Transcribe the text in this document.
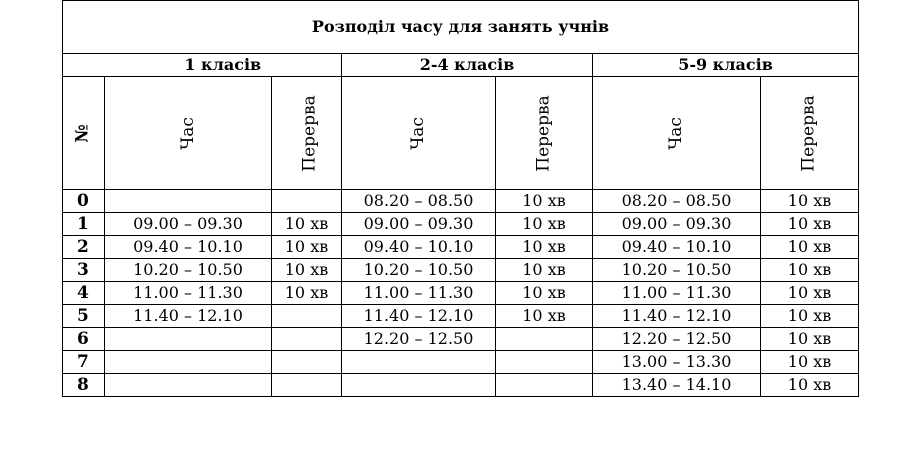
Розподіл часу для занять учнів						
	1 класів		2-4 класів		5-9 класів	
№	Час	Перерва	Час	Перерва	Час	Перерва
0			08.20 – 08.50	10 хв	08.20 – 08.50	10 хв
1	09.00 – 09.30	10 хв	09.00 – 09.30	10 хв	09.00 – 09.30	10 хв
2	09.40 – 10.10	10 хв	09.40 – 10.10	10 хв	09.40 – 10.10	10 хв
3	10.20 – 10.50	10 хв	10.20 – 10.50	10 хв	10.20 – 10.50	10 хв
4	11.00 – 11.30	10 хв	11.00 – 11.30	10 хв	11.00 – 11.30	10 хв
5	11.40 – 12.10		11.40 – 12.10	10 хв	11.40 – 12.10	10 хв
6			12.20 – 12.50		12.20 – 12.50	10 хв
7					13.00 – 13.30	10 хв
8					13.40 – 14.10	10 хв
